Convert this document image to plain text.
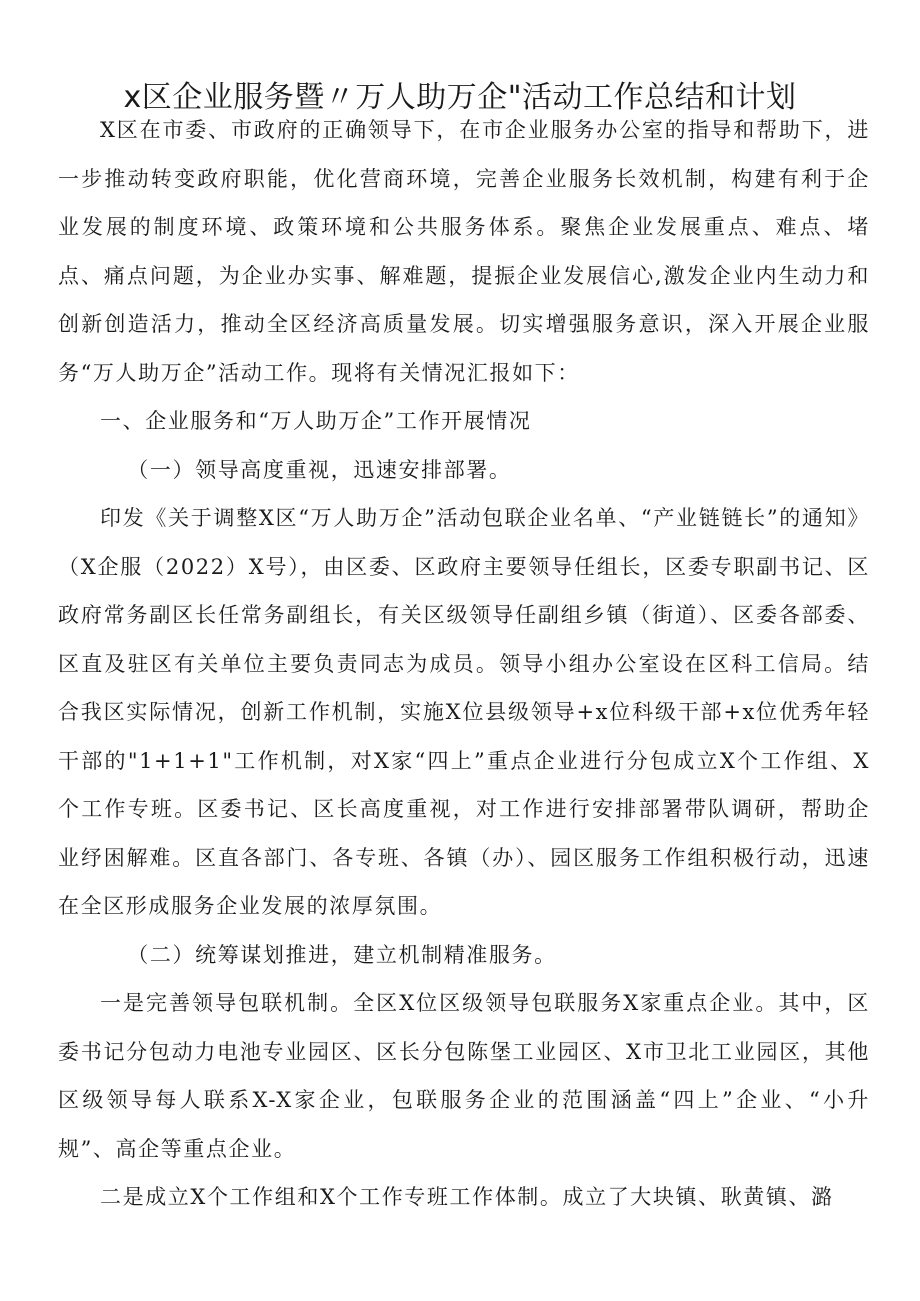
x区企业服务暨〃万人助万企"活动工作总结和计划

X区在市委、市政府的正确领导下，在市企业服务办公室的指导和帮助下，进一步推动转变政府职能，优化营商环境，完善企业服务长效机制，构建有利于企业发展的制度环境、政策环境和公共服务体系。聚焦企业发展重点、难点、堵点、痛点问题，为企业办实事、解难题，提振企业发展信心,激发企业内生动力和创新创造活力，推动全区经济高质量发展。切实增强服务意识，深入开展企业服务“万人助万企”活动工作。现将有关情况汇报如下：

一、企业服务和“万人助万企”工作开展情况

（一）领导高度重视，迅速安排部署。

印发《关于调整X区“万人助万企”活动包联企业名单、“产业链链长”的通知》（X企服（2022）X号），由区委、区政府主要领导任组长，区委专职副书记、区政府常务副区长任常务副组长，有关区级领导任副组乡镇（街道）、区委各部委、区直及驻区有关单位主要负责同志为成员。领导小组办公室设在区科工信局。结合我区实际情况，创新工作机制，实施X位县级领导+x位科级干部+x位优秀年轻干部的"1+1+1"工作机制，对X家“四上”重点企业进行分包成立X个工作组、X个工作专班。区委书记、区长高度重视，对工作进行安排部署带队调研，帮助企业纾困解难。区直各部门、各专班、各镇（办）、园区服务工作组积极行动，迅速在全区形成服务企业发展的浓厚氛围。

（二）统筹谋划推进，建立机制精准服务。

一是完善领导包联机制。全区X位区级领导包联服务X家重点企业。其中，区委书记分包动力电池专业园区、区长分包陈堡工业园区、X市卫北工业园区，其他区级领导每人联系X-X家企业，包联服务企业的范围涵盖“四上”企业、“小升规”、高企等重点企业。

二是成立X个工作组和X个工作专班工作体制。成立了大块镇、耿黄镇、潞
